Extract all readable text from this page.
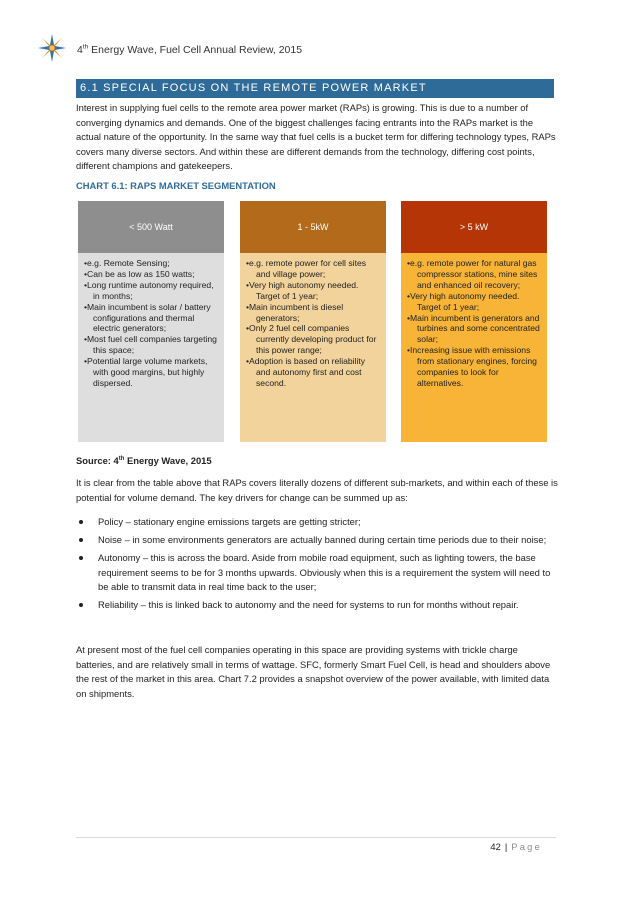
4th Energy Wave, Fuel Cell Annual Review, 2015
6.1 SPECIAL FOCUS ON THE REMOTE POWER MARKET

Interest in supplying fuel cells to the remote area power market (RAPs) is growing. This is due to a number of converging dynamics and demands. One of the biggest challenges facing entrants into the RAPs market is the actual nature of the opportunity. In the same way that fuel cells is a bucket term for differing technology types, RAPs covers many diverse sectors. And within these are different demands from the technology, differing cost points, different champions and gatekeepers.

CHART 6.1: RAPS MARKET SEGMENTATION
< 500 Watt
•e.g. Remote Sensing;
•Can be as low as 150 watts;
•Long runtime autonomy required, in months;
•Main incumbent is solar / battery configurations and thermal electric generators;
•Most fuel cell companies targeting this space;
•Potential large volume markets, with good margins, but highly dispersed.
1 - 5kW
•e.g. remote power for cell sites and village power;
•Very high autonomy needed. Target of 1 year;
•Main incumbent is diesel generators;
•Only 2 fuel cell companies currently developing product for this power range;
•Adoption is based on reliability and autonomy first and cost second.
> 5 kW
•e.g. remote power for natural gas compressor stations, mine sites and enhanced oil recovery;
•Very high autonomy needed. Target of 1 year;
•Main incumbent is generators and turbines and some concentrated solar;
•Increasing issue with emissions from stationary engines, forcing companies to look for alternatives.
Source: 4th Energy Wave, 2015

It is clear from the table above that RAPs covers literally dozens of different sub-markets, and within each of these is potential for volume demand. The key drivers for change can be summed up as:

Policy – stationary engine emissions targets are getting stricter;
Noise – in some environments generators are actually banned during certain time periods due to their noise;
Autonomy – this is across the board. Aside from mobile road equipment, such as lighting towers, the base requirement seems to be for 3 months upwards. Obviously when this is a requirement the system will need to be able to transmit data in real time back to the user;
Reliability – this is linked back to autonomy and the need for systems to run for months without repair.

At present most of the fuel cell companies operating in this space are providing systems with trickle charge batteries, and are relatively small in terms of wattage. SFC, formerly Smart Fuel Cell, is head and shoulders above the rest of the market in this area. Chart 7.2 provides a snapshot overview of the power available, with limited data on shipments.

42 | Page
